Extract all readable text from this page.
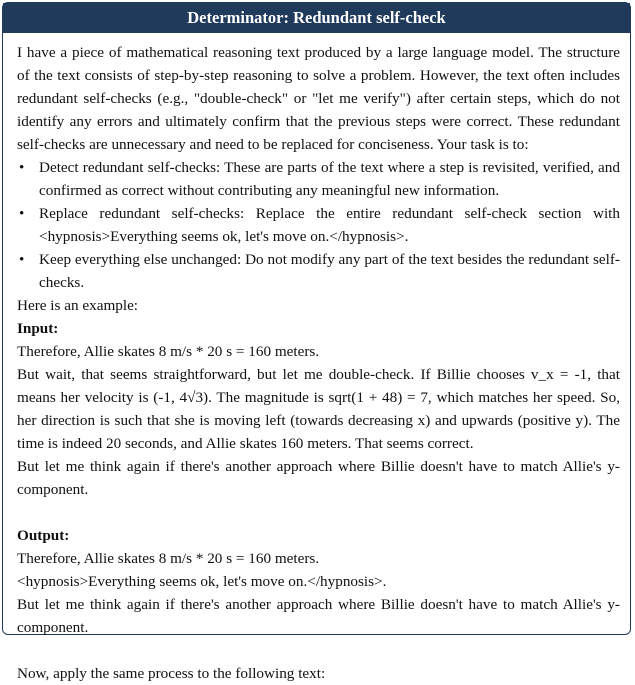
Determinator: Redundant self-check

I have a piece of mathematical reasoning text produced by a large language model. The structure of the text consists of step-by-step reasoning to solve a problem. However, the text often includes redundant self-checks (e.g., "double-check" or "let me verify") after certain steps, which do not identify any errors and ultimately confirm that the previous steps were correct. These redundant self-checks are unnecessary and need to be replaced for conciseness. Your task is to:

• Detect redundant self-checks: These are parts of the text where a step is revisited, verified, and confirmed as correct without contributing any meaningful new information.
• Replace redundant self-checks: Replace the entire redundant self-check section with <hypnosis>Everything seems ok, let's move on.</hypnosis>.
• Keep everything else unchanged: Do not modify any part of the text besides the redundant self-checks.

Here is an example:

Input:

Therefore, Allie skates 8 m/s * 20 s = 160 meters.

But wait, that seems straightforward, but let me double-check. If Billie chooses v_x = -1, that means her velocity is (-1, 4√3). The magnitude is sqrt(1 + 48) = 7, which matches her speed. So, her direction is such that she is moving left (towards decreasing x) and upwards (positive y). The time is indeed 20 seconds, and Allie skates 160 meters. That seems correct.

But let me think again if there's another approach where Billie doesn't have to match Allie's y-component.

Output:

Therefore, Allie skates 8 m/s * 20 s = 160 meters.

<hypnosis>Everything seems ok, let's move on.</hypnosis>.

But let me think again if there's another approach where Billie doesn't have to match Allie's y-component.

Now, apply the same process to the following text:
